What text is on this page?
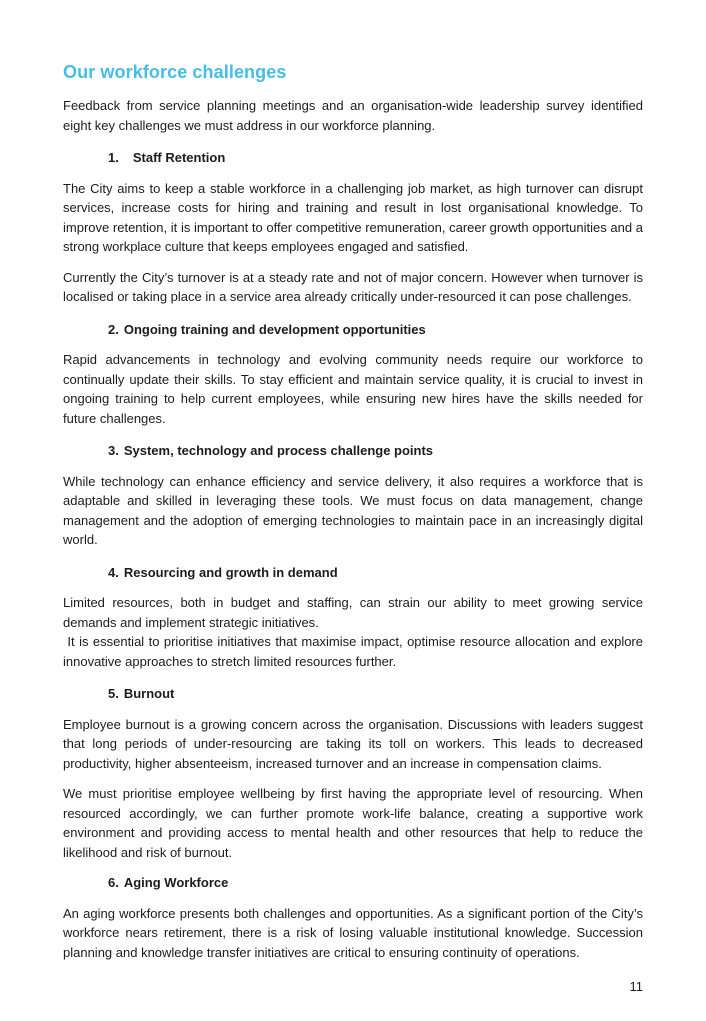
Our workforce challenges

Feedback from service planning meetings and an organisation-wide leadership survey identified eight key challenges we must address in our workforce planning.

1. Staff Retention

The City aims to keep a stable workforce in a challenging job market, as high turnover can disrupt services, increase costs for hiring and training and result in lost organisational knowledge. To improve retention, it is important to offer competitive remuneration, career growth opportunities and a strong workplace culture that keeps employees engaged and satisfied.

Currently the City’s turnover is at a steady rate and not of major concern. However when turnover is localised or taking place in a service area already critically under-resourced it can pose challenges.

2. Ongoing training and development opportunities

Rapid advancements in technology and evolving community needs require our workforce to continually update their skills. To stay efficient and maintain service quality, it is crucial to invest in ongoing training to help current employees, while ensuring new hires have the skills needed for future challenges.

3. System, technology and process challenge points

While technology can enhance efficiency and service delivery, it also requires a workforce that is adaptable and skilled in leveraging these tools. We must focus on data management, change management and the adoption of emerging technologies to maintain pace in an increasingly digital world.

4. Resourcing and growth in demand

Limited resources, both in budget and staffing, can strain our ability to meet growing service demands and implement strategic initiatives.

It is essential to prioritise initiatives that maximise impact, optimise resource allocation and explore innovative approaches to stretch limited resources further.

5. Burnout

Employee burnout is a growing concern across the organisation. Discussions with leaders suggest that long periods of under-resourcing are taking its toll on workers. This leads to decreased productivity, higher absenteeism, increased turnover and an increase in compensation claims.

We must prioritise employee wellbeing by first having the appropriate level of resourcing. When resourced accordingly, we can further promote work-life balance, creating a supportive work environment and providing access to mental health and other resources that help to reduce the likelihood and risk of burnout.

6. Aging Workforce

An aging workforce presents both challenges and opportunities. As a significant portion of the City’s workforce nears retirement, there is a risk of losing valuable institutional knowledge. Succession planning and knowledge transfer initiatives are critical to ensuring continuity of operations.

11
